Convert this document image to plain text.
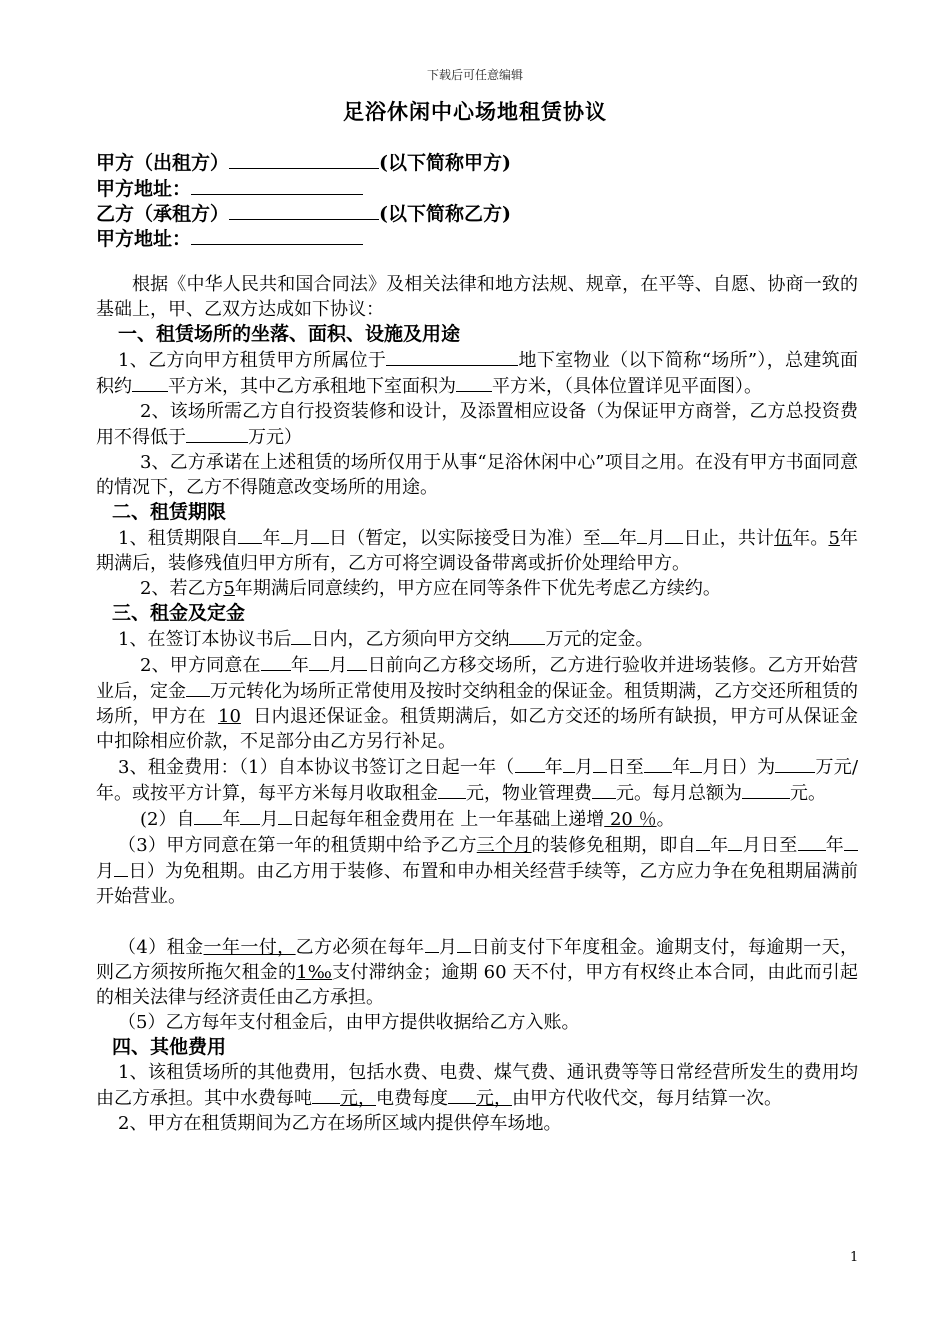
下载后可任意编辑
足浴休闲中心场地租赁协议
甲方（出租方）	(以下简称甲方)
甲方地址：
乙方（承租方）	(以下简称乙方)
甲方地址：

根据《中华人民共和国合同法》及相关法律和地方法规、规章，在平等、自愿、协商一致的基础上，甲、乙双方达成如下协议：

一、租赁场所的坐落、面积、设施及用途

1、乙方向甲方租赁甲方所属位于	地下室物业（以下简称“场所”），总建筑面积约 平方米，其中乙方承租地下室面积为 平方米，（具体位置详见平面图）。

2、该场所需乙方自行投资装修和设计，及添置相应设备（为保证甲方商誉，乙方总投资费用不得低于	万元）

3、乙方承诺在上述租赁的场所仅用于从事“足浴休闲中心”项目之用。在没有甲方书面同意的情况下，乙方不得随意改变场所的用途。

二、租赁期限

1、租赁期限自 年 月 日（暂定，以实际接受日为准）至 年 月 日止，共计伍年。5年期满后，装修残值归甲方所有，乙方可将空调设备带离或折价处理给甲方。

2、若乙方5年期满后同意续约，甲方应在同等条件下优先考虑乙方续约。

三、租金及定金

1、在签订本协议书后 日内，乙方须向甲方交纳 万元的定金。

2、甲方同意在 年 月 日前向乙方移交场所，乙方进行验收并进场装修。乙方开始营业后，定金 万元转化为场所正常使用及按时交纳租金的保证金。租赁期满，乙方交还所租赁的场所，甲方在 10 日内退还保证金。租赁期满后，如乙方交还的场所有缺损，甲方可从保证金中扣除相应价款，不足部分由乙方另行补足。

3、租金费用：（1）自本协议书签订之日起一年（ 年 月 日至 年 月日）为 万元/年。或按平方计算，每平方米每月收取租金 元，物业管理费 元。每月总额为	元。

(2）自 年 月 日起每年租金费用在 上一年基础上递增 20 ％。

（3）甲方同意在第一年的租赁期中给予乙方三个月的装修免租期，即自 年 月日至 年月 日）为免租期。由乙方用于装修、布置和申办相关经营手续等，乙方应力争在免租期届满前开始营业。

（4）租金一年一付，乙方必须在每年 月 日前支付下年度租金。逾期支付，每逾期一天，则乙方须按所拖欠租金的1‰支付滞纳金；逾期 60 天不付，甲方有权终止本合同，由此而引起的相关法律与经济责任由乙方承担。

（5）乙方每年支付租金后，由甲方提供收据给乙方入账。

四、其他费用

1、该租赁场所的其他费用，包括水费、电费、煤气费、通讯费等等日常经营所发生的费用均由乙方承担。其中水费每吨 元，电费每度 元，由甲方代收代交，每月结算一次。

2、甲方在租赁期间为乙方在场所区域内提供停车场地。

1
